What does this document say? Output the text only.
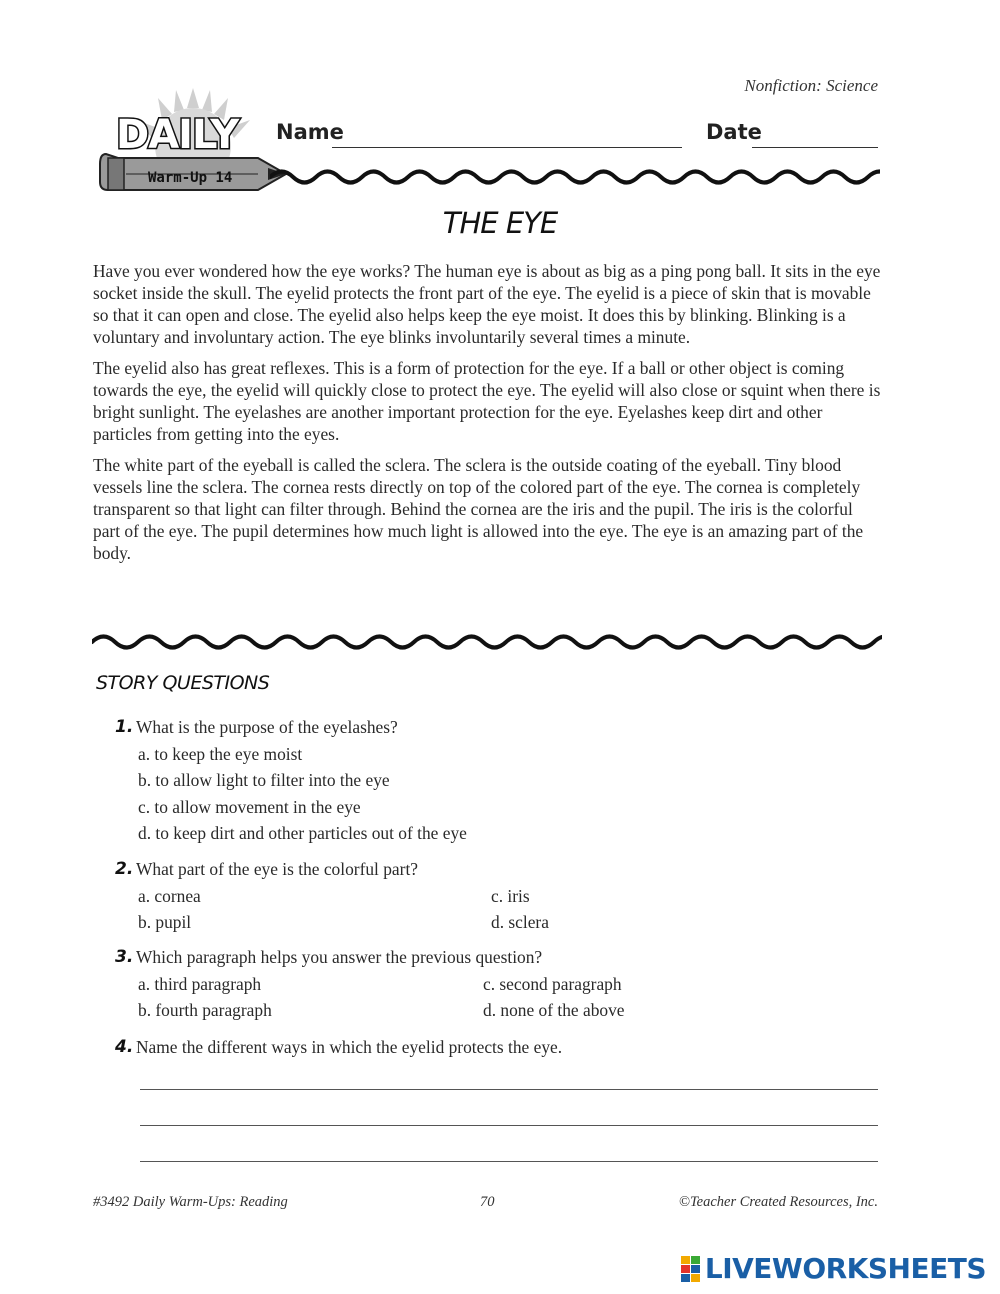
Nonfiction: Science
DAILY
Warm-Up 14
Name	Date
THE EYE

Have you ever wondered how the eye works? The human eye is about as big as a ping pong ball. It sits in the eye socket inside the skull. The eyelid protects the front part of the eye. The eyelid is a piece of skin that is movable so that it can open and close. The eyelid also helps keep the eye moist. It does this by blinking. Blinking is a voluntary and involuntary action. The eye blinks involuntarily several times a minute.

The eyelid also has great reflexes. This is a form of protection for the eye. If a ball or other object is coming towards the eye, the eyelid will quickly close to protect the eye. The eyelid will also close or squint when there is bright sunlight. The eyelashes are another important protection for the eye. Eyelashes keep dirt and other particles from getting into the eyes.

The white part of the eyeball is called the sclera. The sclera is the outside coating of the eyeball. Tiny blood vessels line the sclera. The cornea rests directly on top of the colored part of the eye. The cornea is completely transparent so that light can filter through. Behind the cornea are the iris and the pupil. The iris is the colorful part of the eye. The pupil determines how much light is allowed into the eye. The eye is an amazing part of the body.

STORY QUESTIONS
1. What is the purpose of the eyelashes?
a. to keep the eye moist
b. to allow light to filter into the eye
c. to allow movement in the eye
d. to keep dirt and other particles out of the eye
2. What part of the eye is the colorful part?
a. cornea	c. iris
b. pupil	d. sclera
3. Which paragraph helps you answer the previous question?
a. third paragraph	c. second paragraph
b. fourth paragraph	d. none of the above
4. Name the different ways in which the eyelid protects the eye.
#3492 Daily Warm-Ups: Reading	70	©Teacher Created Resources, Inc.
LIVEWORKSHEETS
